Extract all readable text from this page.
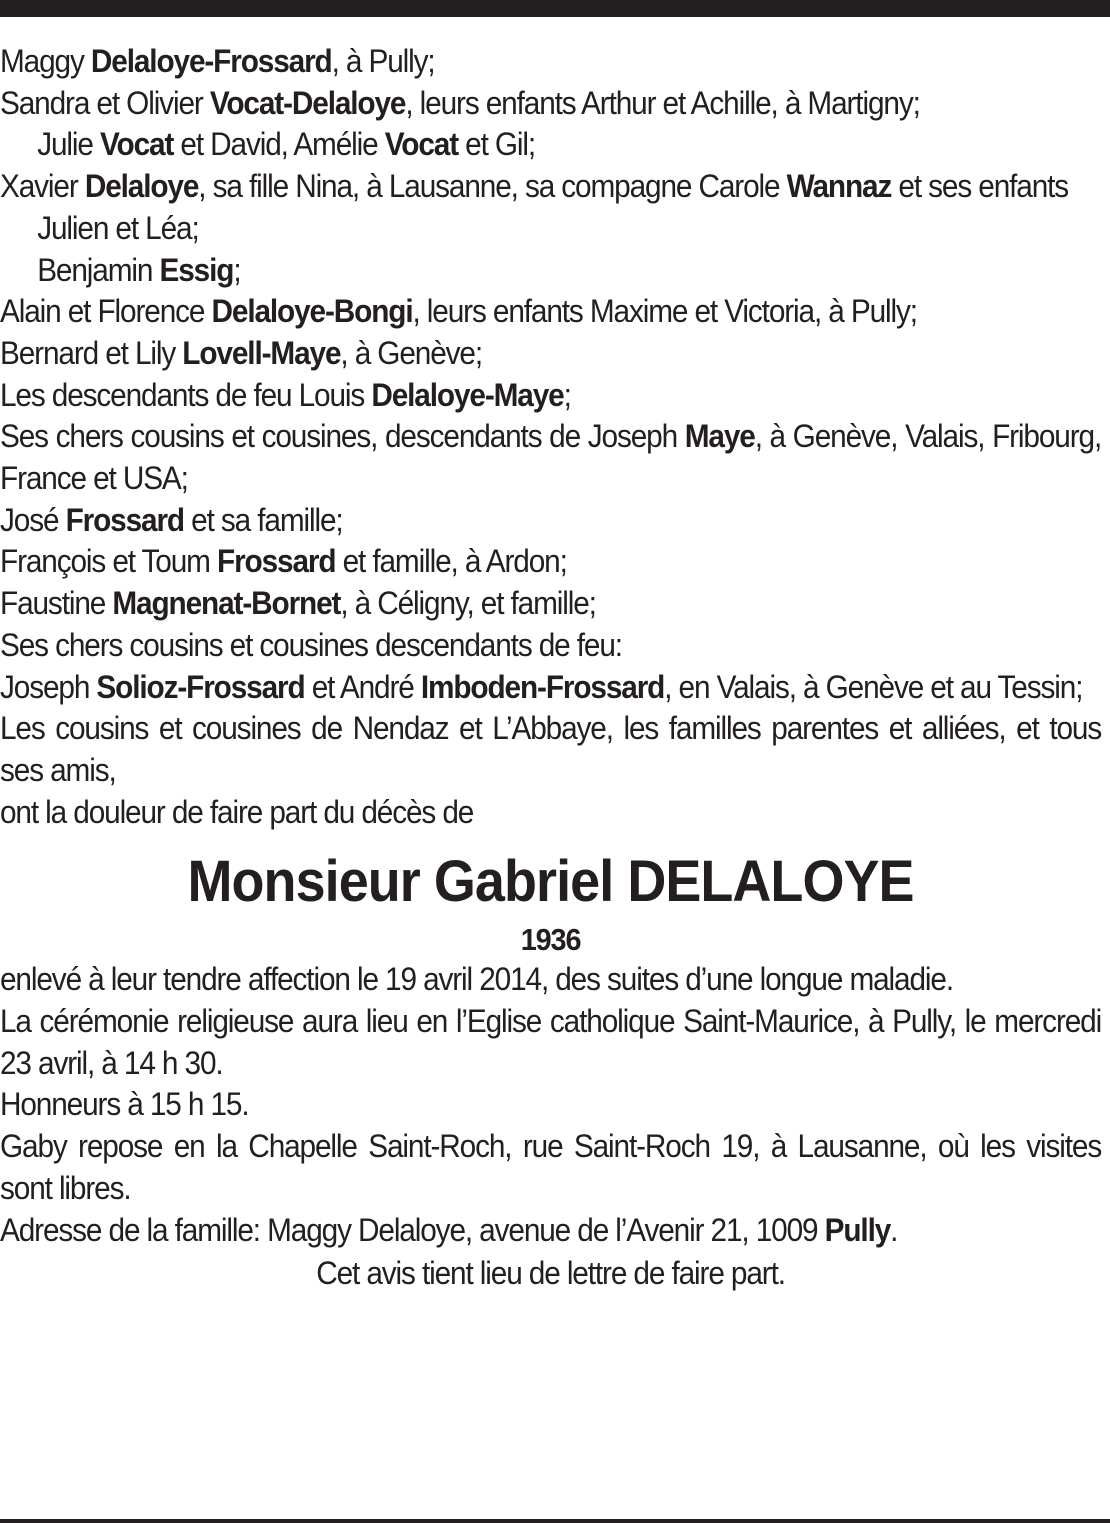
Maggy Delaloye-Frossard, à Pully;

Sandra et Olivier Vocat-Delaloye, leurs enfants Arthur et Achille, à Martigny;

Julie Vocat et David, Amélie Vocat et Gil;

Xavier Delaloye, sa fille Nina, à Lausanne, sa compagne Carole Wannaz et ses enfants

Julien et Léa;

Benjamin Essig;

Alain et Florence Delaloye-Bongi, leurs enfants Maxime et Victoria, à Pully;

Bernard et Lily Lovell-Maye, à Genève;

Les descendants de feu Louis Delaloye-Maye;

Ses chers cousins et cousines, descendants de Joseph Maye, à Genève, Valais, Fribourg, France et USA;

José Frossard et sa famille;

François et Toum Frossard et famille, à Ardon;

Faustine Magnenat-Bornet, à Céligny, et famille;

Ses chers cousins et cousines descendants de feu:

Joseph Solioz-Frossard et André Imboden-Frossard, en Valais, à Genève et au Tessin;

Les cousins et cousines de Nendaz et L’Abbaye, les familles parentes et alliées, et tous ses amis,

ont la douleur de faire part du décès de

Monsieur Gabriel DELALOYE
1936

enlevé à leur tendre affection le 19 avril 2014, des suites d’une longue maladie.

La cérémonie religieuse aura lieu en l’Eglise catholique Saint-Maurice, à Pully, le mercredi 23 avril, à 14 h 30.

Honneurs à 15 h 15.

Gaby repose en la Chapelle Saint-Roch, rue Saint-Roch 19, à Lausanne, où les visites sont libres.

Adresse de la famille: Maggy Delaloye, avenue de l’Avenir 21, 1009 Pully.

Cet avis tient lieu de lettre de faire part.
